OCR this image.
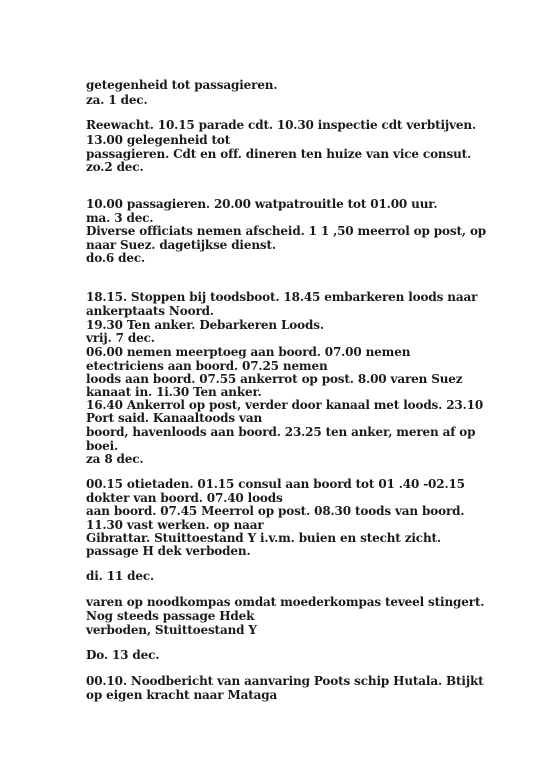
getegenheid tot passagieren.
za. 1 dec.
Reewacht. 10.15 parade cdt. 10.30 inspectie cdt verbtijven.
13.00 gelegenheid tot
passagieren. Cdt en off. dineren ten huize van vice consut.
zo.2 dec.
10.00 passagieren. 20.00 watpatrouitle tot 01.00 uur.
ma. 3 dec.
Diverse officiats nemen afscheid. 1 1 ,50 meerrol op post, op
naar Suez. dagetijkse dienst.
do.6 dec.
18.15. Stoppen bij toodsboot. 18.45 embarkeren loods naar
ankerptaats Noord.
19.30 Ten anker. Debarkeren Loods.
vrij. 7 dec.
06.00 nemen meerptoeg aan boord. 07.00 nemen
etectriciens aan boord. 07.25 nemen
loods aan boord. 07.55 ankerrot op post. 8.00 varen Suez
kanaat in. 1i.30 Ten anker.
16.40 Ankerrol op post, verder door kanaal met loods. 23.10
Port said. Kanaaltoods van
boord, havenloods aan boord. 23.25 ten anker, meren af op
boei.
za 8 dec.
00.15 otietaden. 01.15 consul aan boord tot 01 .40 -02.15
dokter van boord. 07.40 loods
aan boord. 07.45 Meerrol op post. 08.30 toods van boord.
11.30 vast werken. op naar
Gibrattar. Stuittoestand Y i.v.m. buien en stecht zicht.
passage H dek verboden.
di. 11 dec.
varen op noodkompas omdat moederkompas teveel stingert.
Nog steeds passage Hdek
verboden, Stuittoestand Y
Do. 13 dec.
00.10. Noodbericht van aanvaring Poots schip Hutala. Btijkt
op eigen kracht naar Mataga
